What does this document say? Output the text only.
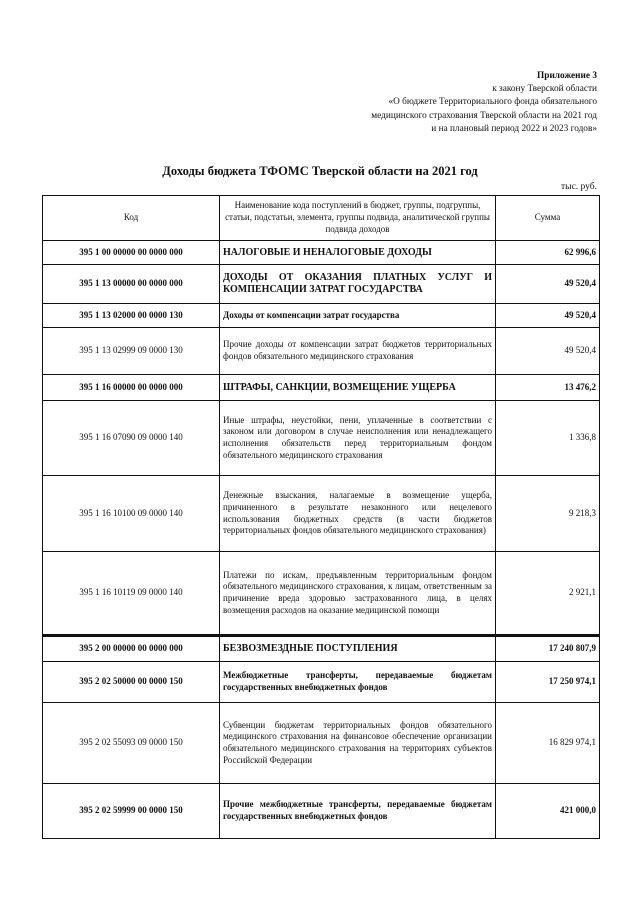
Приложение 3
к закону Тверской области
«О бюджете Территориального фонда обязательного
медицинского страхования Тверской области на 2021 год
и на плановый период 2022 и 2023 годов»
Доходы бюджета ТФОМС Тверской области на 2021 год
тыс. руб.
Код	Наименование кода поступлений в бюджет, группы, подгруппы, статьи, подстатьи, элемента, группы подвида, аналитической группы подвида доходов	Сумма
395 1 00 00000 00 0000 000	НАЛОГОВЫЕ И НЕНАЛОГОВЫЕ ДОХОДЫ	62 996,6
395 1 13 00000 00 0000 000	ДОХОДЫ ОТ ОКАЗАНИЯ ПЛАТНЫХ УСЛУГ И КОМПЕНСАЦИИ ЗАТРАТ ГОСУДАРСТВА	49 520,4
395 1 13 02000 00 0000 130	Доходы от компенсации затрат государства	49 520,4
395 1 13 02999 09 0000 130	Прочие доходы от компенсации затрат бюджетов территориальных фондов обязательного медицинского страхования	49 520,4
395 1 16 00000 00 0000 000	ШТРАФЫ, САНКЦИИ, ВОЗМЕЩЕНИЕ УЩЕРБА	13 476,2
395 1 16 07090 09 0000 140	Иные штрафы, неустойки, пени, уплаченные в соответствии с законом или договором в случае неисполнения или ненадлежащего исполнения обязательств перед территориальным фондом обязательного медицинского страхования	1 336,8
395 1 16 10100 09 0000 140	Денежные взыскания, налагаемые в возмещение ущерба, причиненного в результате незаконного или нецелевого использования бюджетных средств (в части бюджетов территориальных фондов обязательного медицинского страхования)	9 218,3
395 1 16 10119 09 0000 140	Платежи по искам, предъявленным территориальным фондом обязательного медицинского страхования, к лицам, ответственным за причинение вреда здоровью застрахованного лица, в целях возмещения расходов на оказание медицинской помощи	2 921,1
395 2 00 00000 00 0000 000	БЕЗВОЗМЕЗДНЫЕ ПОСТУПЛЕНИЯ	17 240 807,9
395 2 02 50000 00 0000 150	Межбюджетные трансферты, передаваемые бюджетам государственных внебюджетных фондов	17 250 974,1
395 2 02 55093 09 0000 150	Субвенции бюджетам территориальных фондов обязательного медицинского страхования на финансовое обеспечение организации обязательного медицинского страхования на территориях субъектов Российской Федерации	16 829 974,1
395 2 02 59999 00 0000 150	Прочие межбюджетные трансферты, передаваемые бюджетам государственных внебюджетных фондов	421 000,0
